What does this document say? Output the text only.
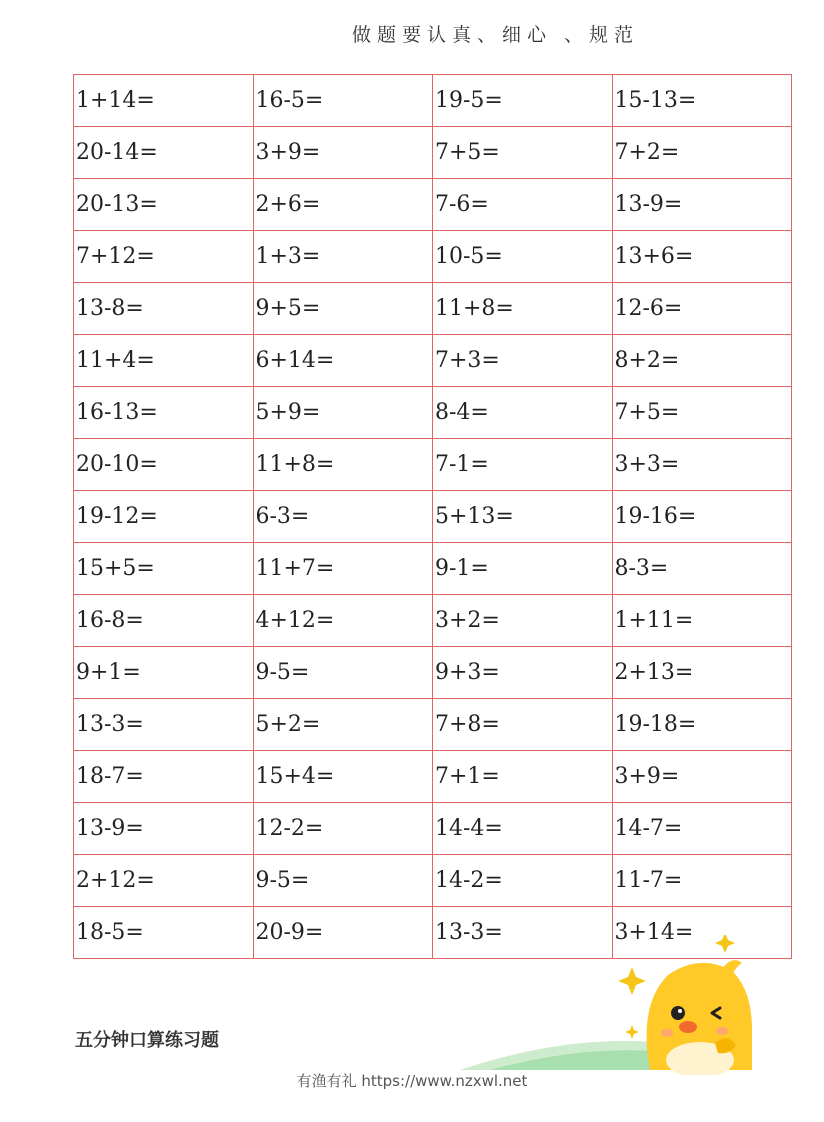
做题要认真、细心 、规范
1+14=	16-5=	19-5=	15-13=
20-14=	3+9=	7+5=	7+2=
20-13=	2+6=	7-6=	13-9=
7+12=	1+3=	10-5=	13+6=
13-8=	9+5=	11+8=	12-6=
11+4=	6+14=	7+3=	8+2=
16-13=	5+9=	8-4=	7+5=
20-10=	11+8=	7-1=	3+3=
19-12=	6-3=	5+13=	19-16=
15+5=	11+7=	9-1=	8-3=
16-8=	4+12=	3+2=	1+11=
9+1=	9-5=	9+3=	2+13=
13-3=	5+2=	7+8=	19-18=
18-7=	15+4=	7+1=	3+9=
13-9=	12-2=	14-4=	14-7=
2+12=	9-5=	14-2=	11-7=
18-5=	20-9=	13-3=	3+14=
五分钟口算练习题
有渔有礼 https://www.nzxwl.net
